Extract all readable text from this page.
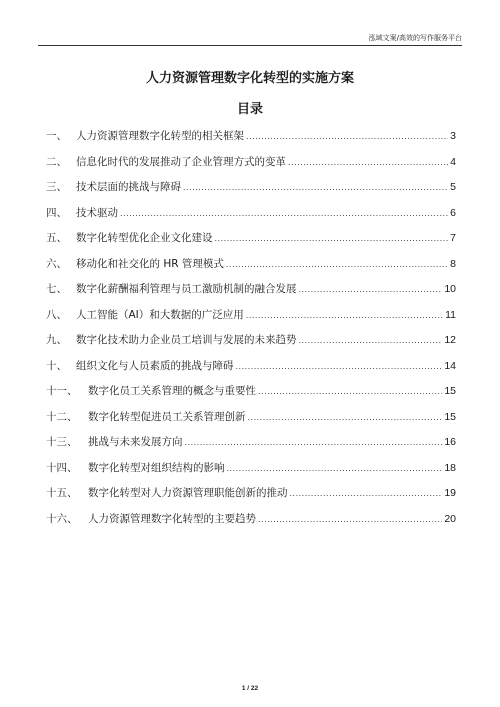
泓域文案/高效的写作服务平台
人力资源管理数字化转型的实施方案
目录
一、 人力资源管理数字化转型的相关框架 .....	3
二、 信息化时代的发展推动了企业管理方式的变革 .....	4
三、 技术层面的挑战与障碍 .....	5
四、 技术驱动 .....	6
五、 数字化转型优化企业文化建设 .....	7
六、 移动化和社交化的 HR 管理模式 .....	8
七、 数字化薪酬福利管理与员工激励机制的融合发展 .....	10
八、 人工智能（AI）和大数据的广泛应用 .....	11
九、 数字化技术助力企业员工培训与发展的未来趋势 .....	12
十、 组织文化与人员素质的挑战与障碍 .....	14
十一、	数字化员工关系管理的概念与重要性 .....	15
十二、	数字化转型促进员工关系管理创新 .....	15
十三、	挑战与未来发展方向 .....	16
十四、	数字化转型对组织结构的影响 .....	18
十五、	数字化转型对人力资源管理职能创新的推动 .....	19
十六、	人力资源管理数字化转型的主要趋势 .....	20
1 / 22
